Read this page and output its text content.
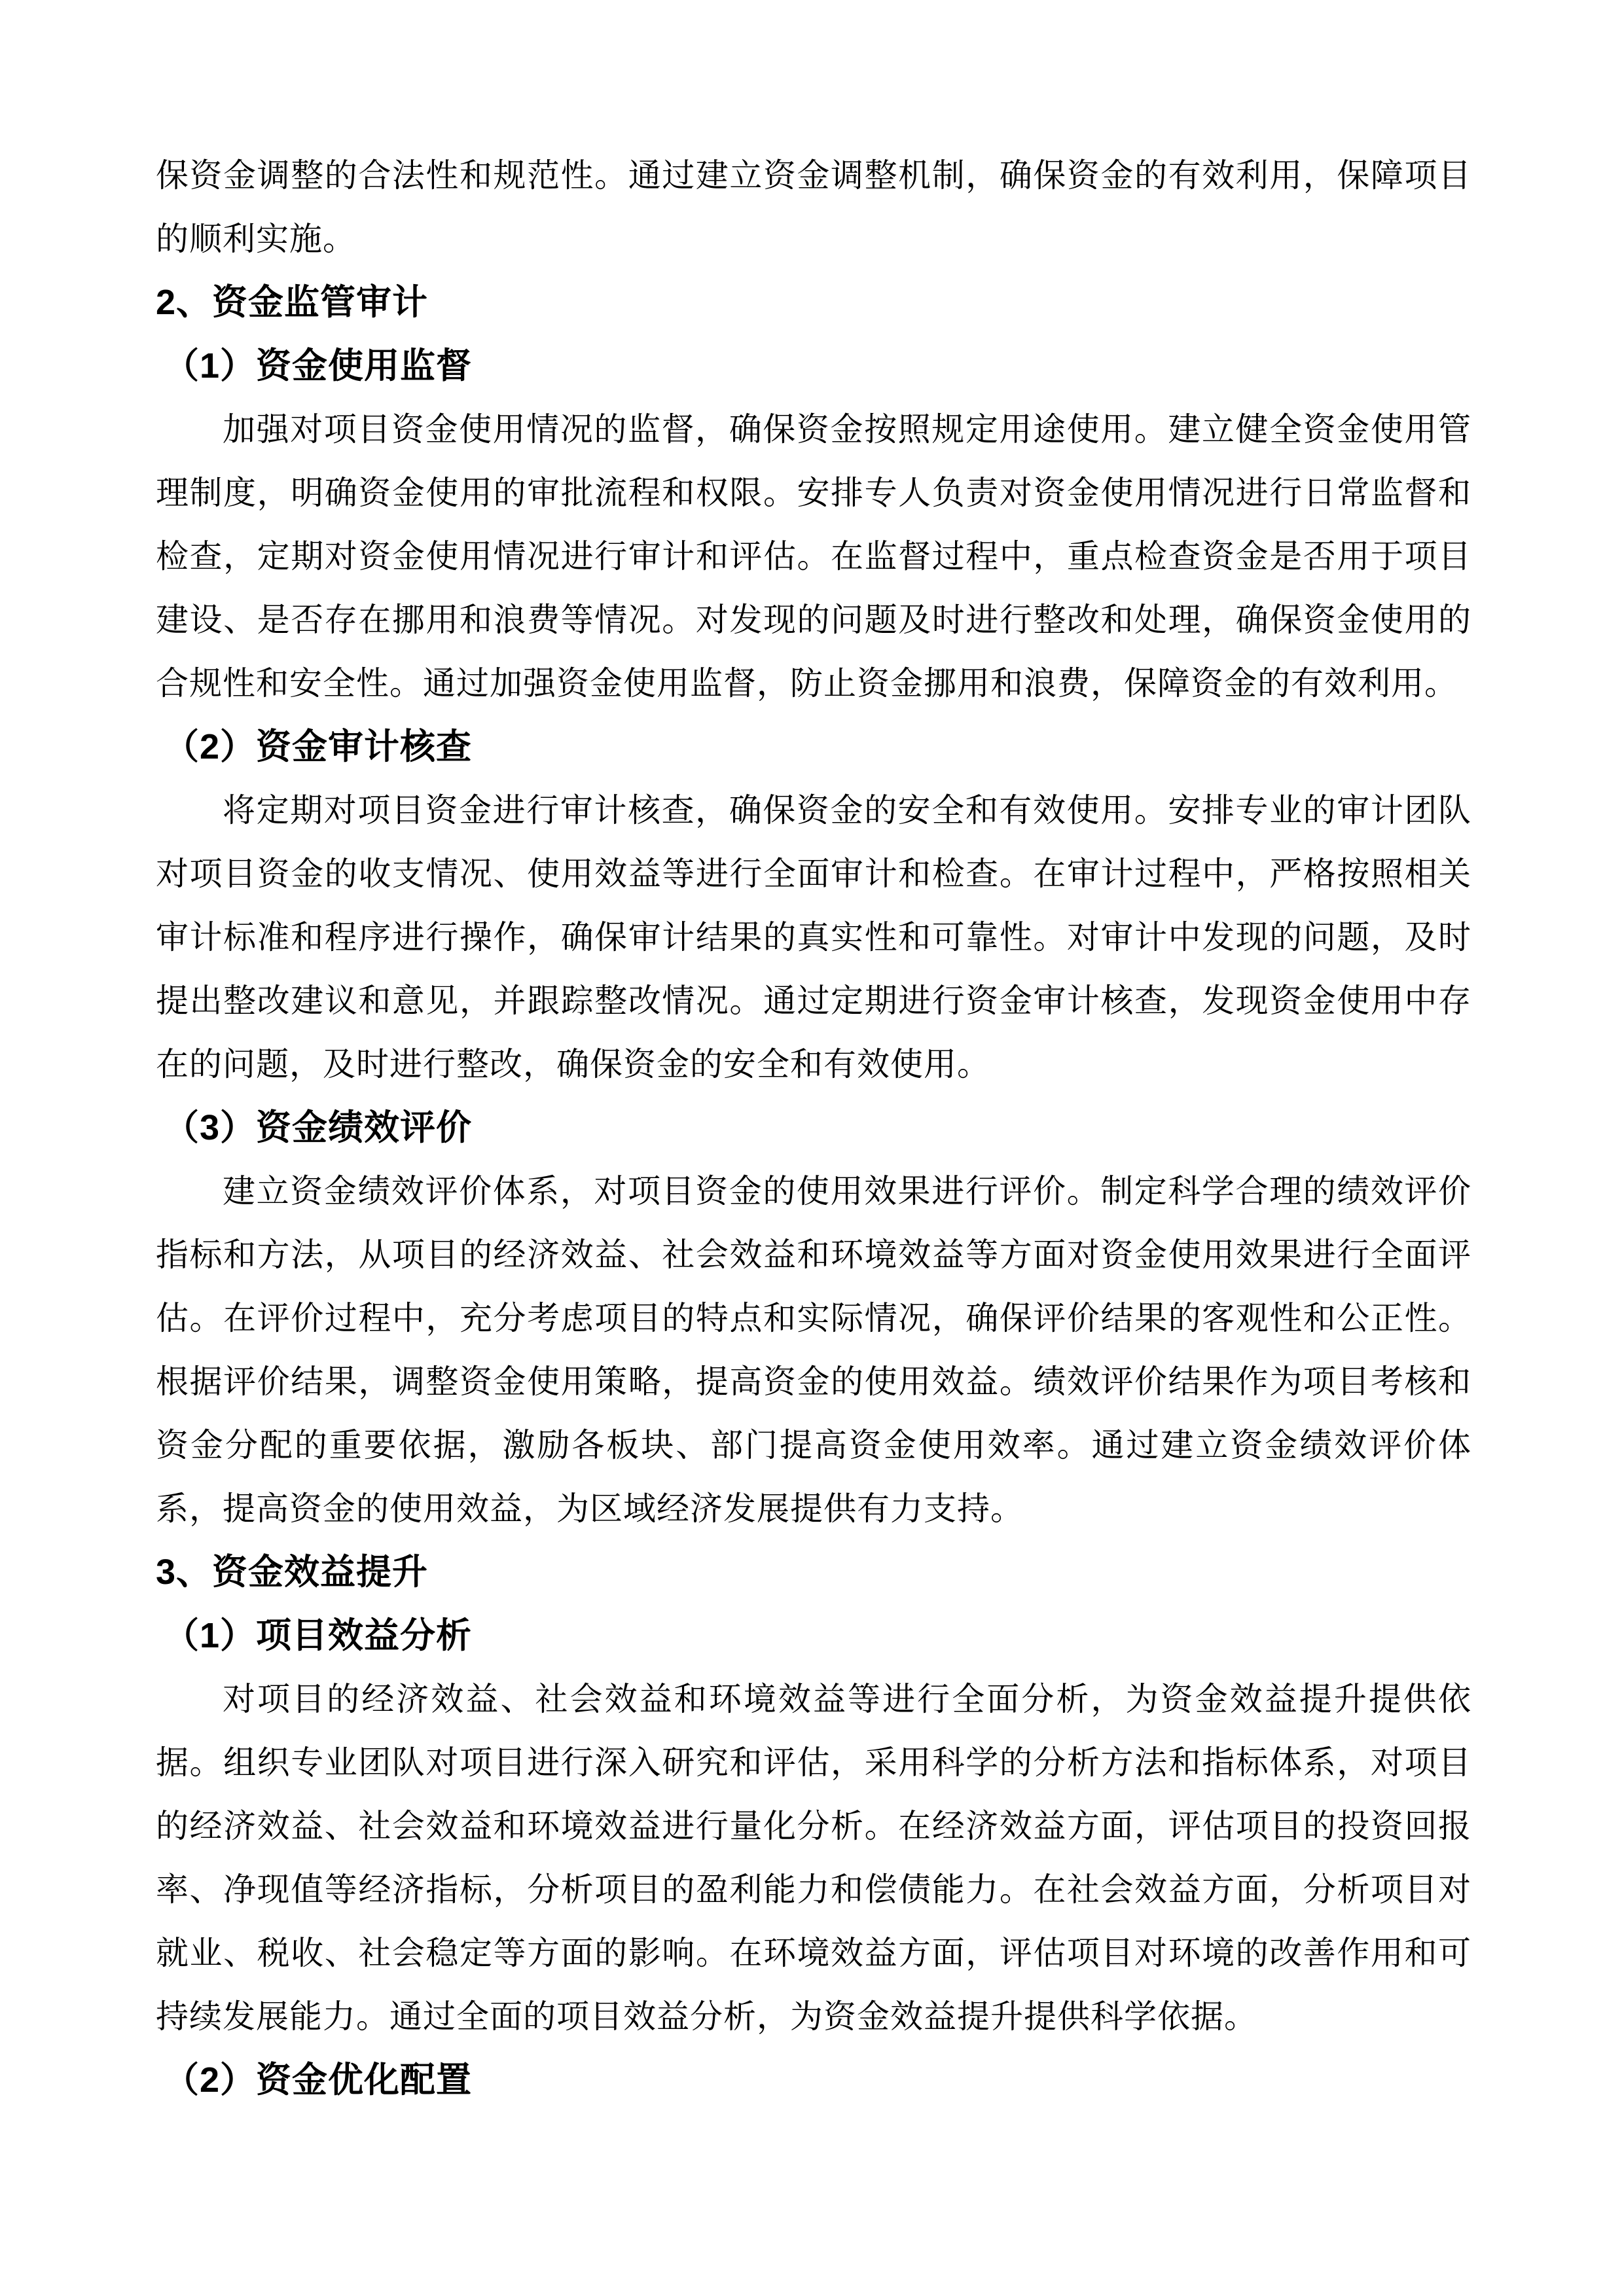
保资金调整的合法性和规范性。通过建立资金调整机制，确保资金的有效利用，保障项目的顺利实施。

2、资金监管审计

（1）资金使用监督

加强对项目资金使用情况的监督，确保资金按照规定用途使用。建立健全资金使用管理制度，明确资金使用的审批流程和权限。安排专人负责对资金使用情况进行日常监督和检查，定期对资金使用情况进行审计和评估。在监督过程中，重点检查资金是否用于项目建设、是否存在挪用和浪费等情况。对发现的问题及时进行整改和处理，确保资金使用的合规性和安全性。通过加强资金使用监督，防止资金挪用和浪费，保障资金的有效利用。

（2）资金审计核查

将定期对项目资金进行审计核查，确保资金的安全和有效使用。安排专业的审计团队对项目资金的收支情况、使用效益等进行全面审计和检查。在审计过程中，严格按照相关审计标准和程序进行操作，确保审计结果的真实性和可靠性。对审计中发现的问题，及时提出整改建议和意见，并跟踪整改情况。通过定期进行资金审计核查，发现资金使用中存在的问题，及时进行整改，确保资金的安全和有效使用。

（3）资金绩效评价

建立资金绩效评价体系，对项目资金的使用效果进行评价。制定科学合理的绩效评价指标和方法，从项目的经济效益、社会效益和环境效益等方面对资金使用效果进行全面评估。在评价过程中，充分考虑项目的特点和实际情况，确保评价结果的客观性和公正性。根据评价结果，调整资金使用策略，提高资金的使用效益。绩效评价结果作为项目考核和资金分配的重要依据，激励各板块、部门提高资金使用效率。通过建立资金绩效评价体系，提高资金的使用效益，为区域经济发展提供有力支持。

3、资金效益提升

（1）项目效益分析

对项目的经济效益、社会效益和环境效益等进行全面分析，为资金效益提升提供依据。组织专业团队对项目进行深入研究和评估，采用科学的分析方法和指标体系，对项目的经济效益、社会效益和环境效益进行量化分析。在经济效益方面，评估项目的投资回报率、净现值等经济指标，分析项目的盈利能力和偿债能力。在社会效益方面，分析项目对就业、税收、社会稳定等方面的影响。在环境效益方面，评估项目对环境的改善作用和可持续发展能力。通过全面的项目效益分析，为资金效益提升提供科学依据。

（2）资金优化配置
